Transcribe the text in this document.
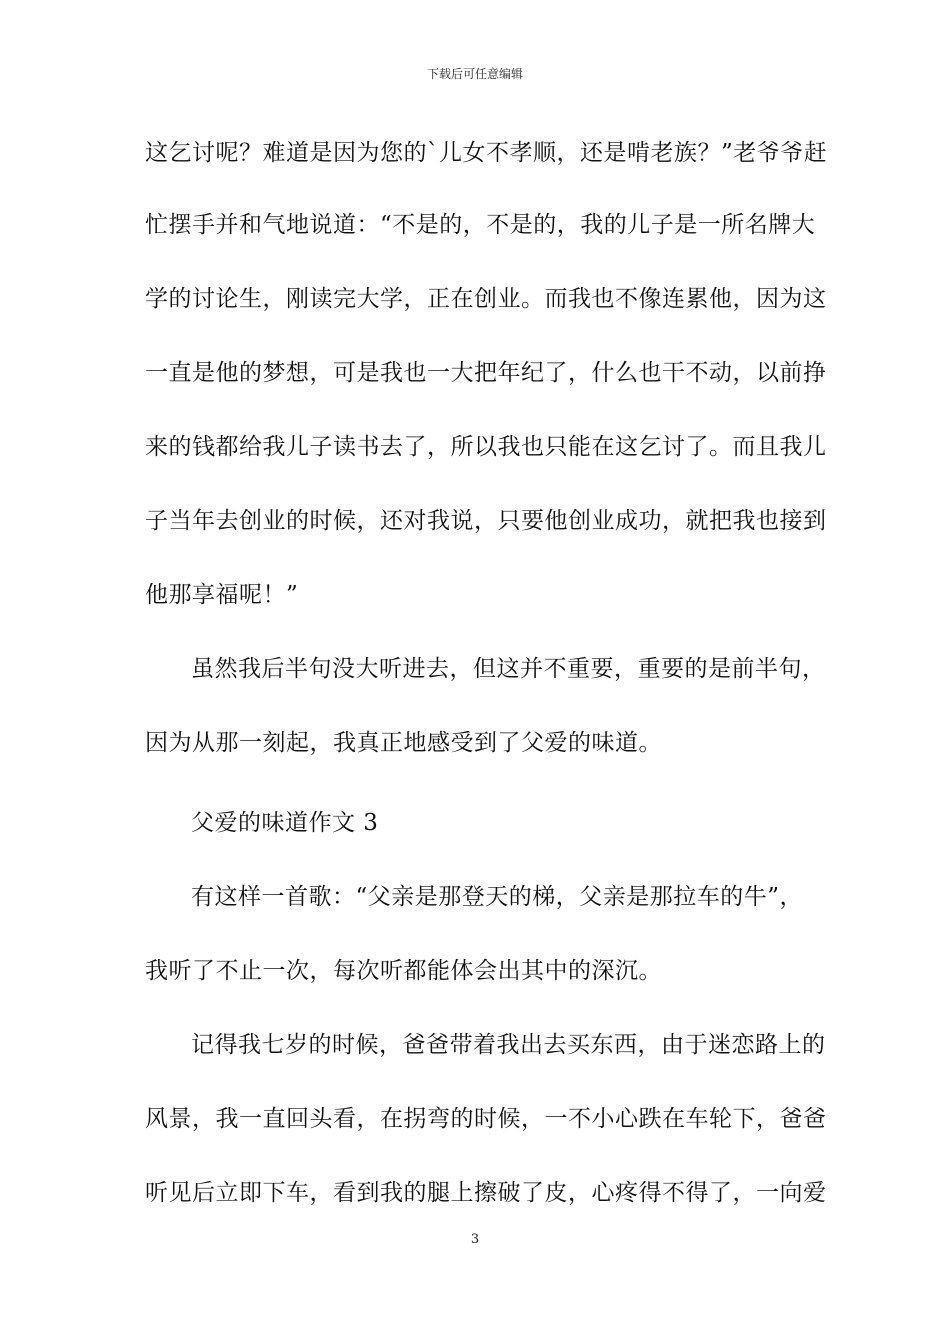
下载后可任意编辑
这乞讨呢？难道是因为您的`儿女不孝顺，还是啃老族？”老爷爷赶
忙摆手并和气地说道：“不是的，不是的，我的儿子是一所名牌大
学的讨论生，刚读完大学，正在创业。而我也不像连累他，因为这
一直是他的梦想，可是我也一大把年纪了，什么也干不动，以前挣
来的钱都给我儿子读书去了，所以我也只能在这乞讨了。而且我儿
子当年去创业的时候，还对我说，只要他创业成功，就把我也接到
他那享福呢！”
虽然我后半句没大听进去，但这并不重要，重要的是前半句，
因为从那一刻起，我真正地感受到了父爱的味道。
父爱的味道作文 3
有这样一首歌：“父亲是那登天的梯，父亲是那拉车的牛”，
我听了不止一次，每次听都能体会出其中的深沉。
记得我七岁的时候，爸爸带着我出去买东西，由于迷恋路上的
风景，我一直回头看，在拐弯的时候，一不小心跌在车轮下，爸爸
听见后立即下车，看到我的腿上擦破了皮，心疼得不得了，一向爱
3
